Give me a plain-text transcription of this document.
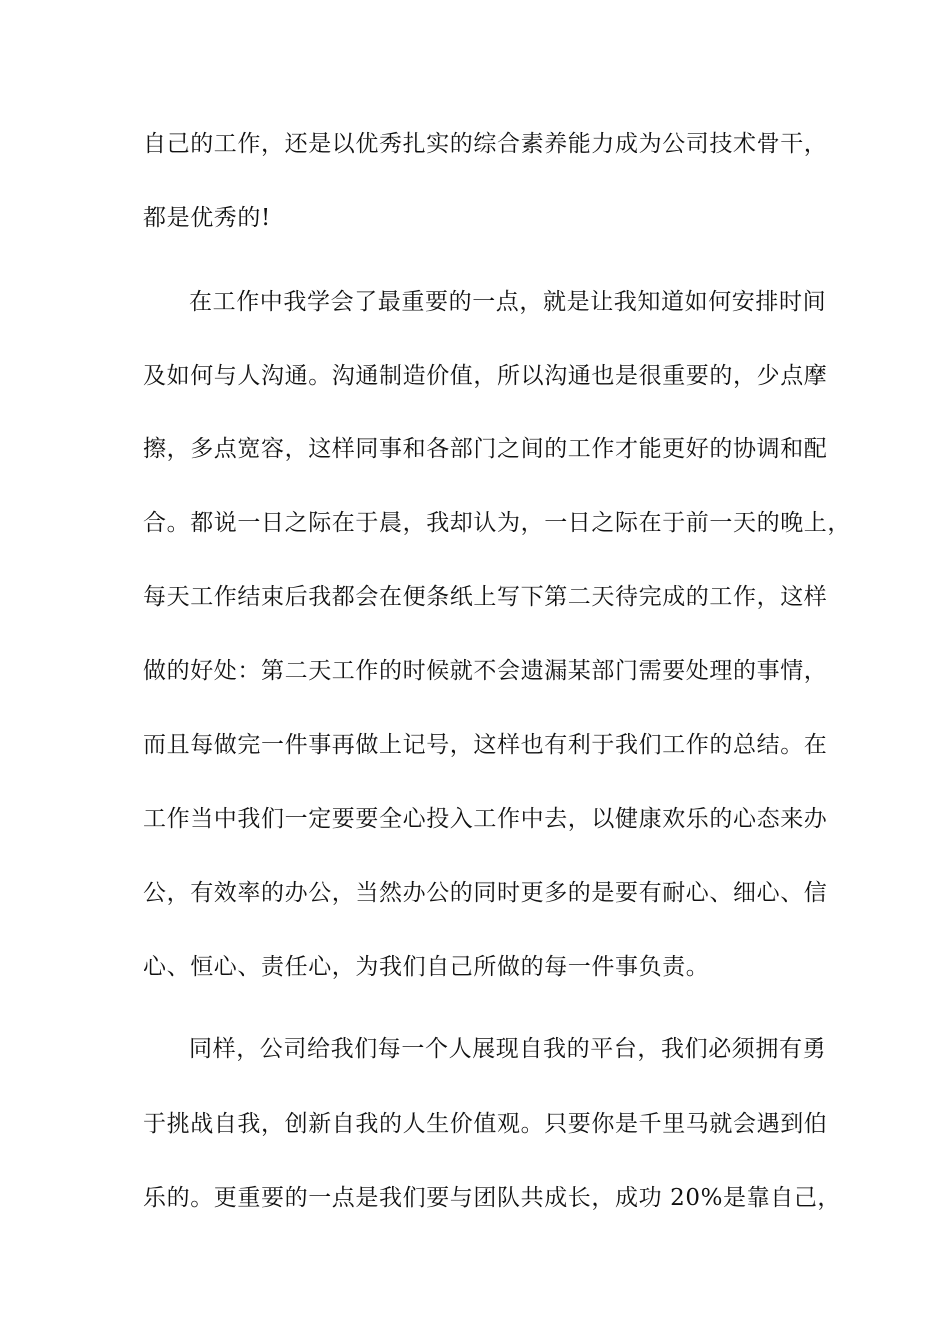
自己的工作，还是以优秀扎实的综合素养能力成为公司技术骨干，
都是优秀的!
在工作中我学会了最重要的一点，就是让我知道如何安排时间
及如何与人沟通。沟通制造价值，所以沟通也是很重要的，少点摩
擦，多点宽容，这样同事和各部门之间的工作才能更好的协调和配
合。都说一日之际在于晨，我却认为，一日之际在于前一天的晚上，
每天工作结束后我都会在便条纸上写下第二天待完成的工作，这样
做的好处：第二天工作的时候就不会遗漏某部门需要处理的事情，
而且每做完一件事再做上记号，这样也有利于我们工作的总结。在
工作当中我们一定要要全心投入工作中去，以健康欢乐的心态来办
公，有效率的办公，当然办公的同时更多的是要有耐心、细心、信
心、恒心、责任心，为我们自己所做的每一件事负责。
同样，公司给我们每一个人展现自我的平台，我们必须拥有勇
于挑战自我，创新自我的人生价值观。只要你是千里马就会遇到伯
乐的。更重要的一点是我们要与团队共成长，成功 20%是靠自己，
